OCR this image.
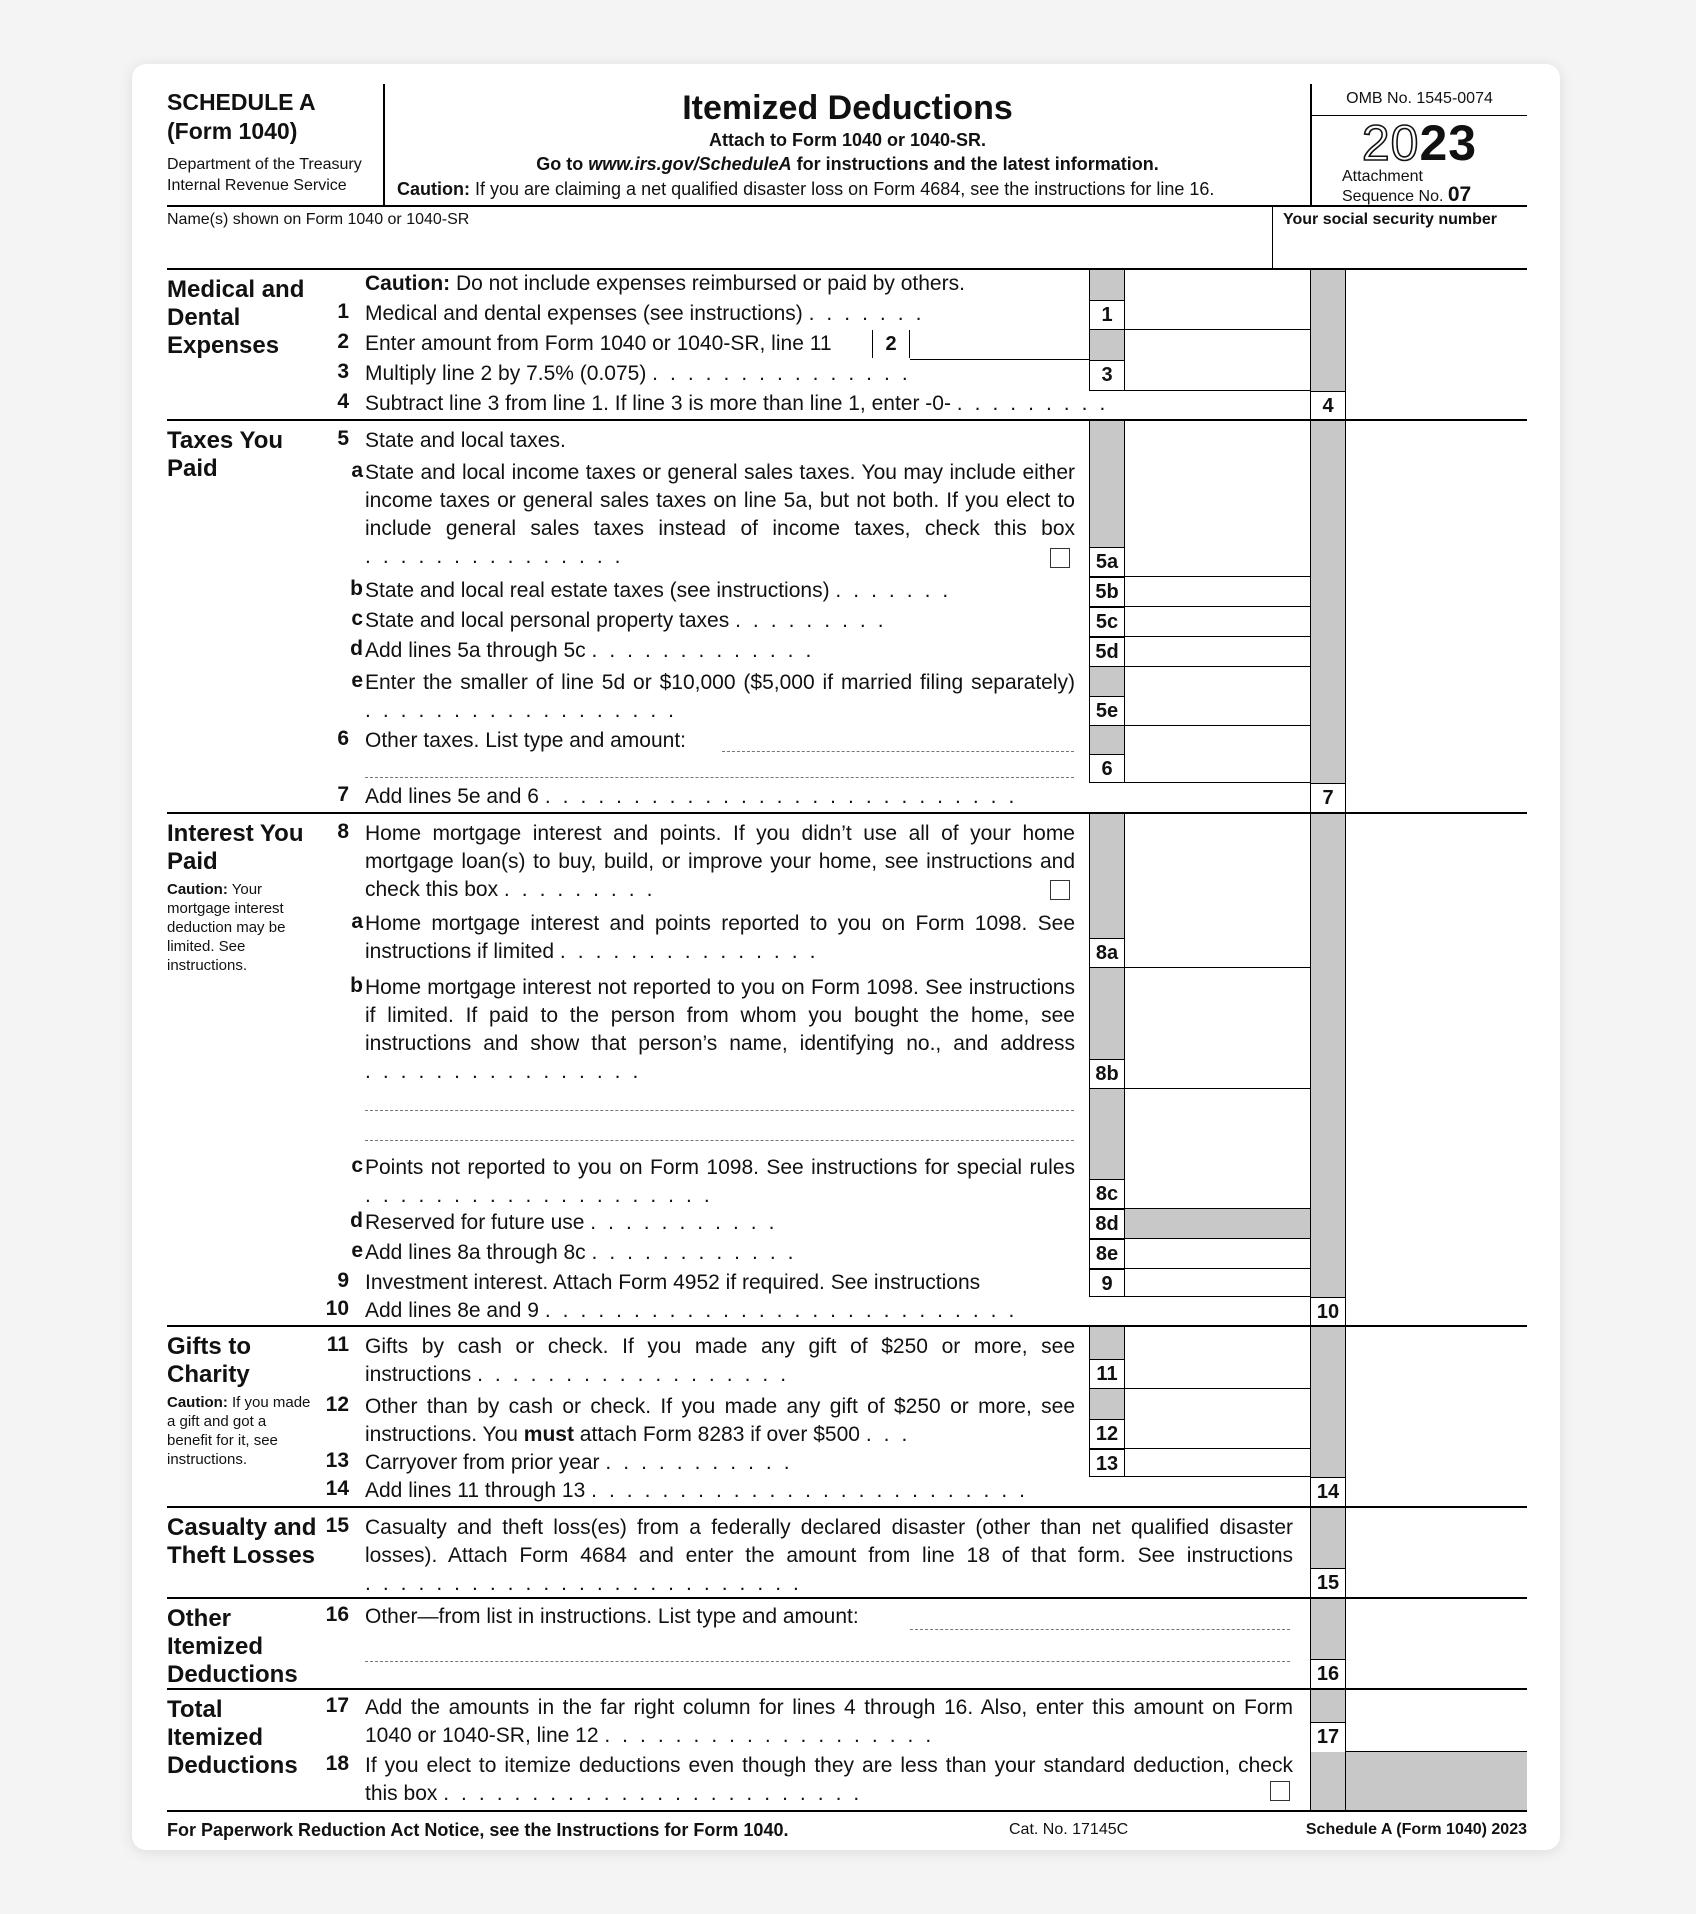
SCHEDULE A
(Form 1040)
Department of the Treasury
Internal Revenue Service
Itemized Deductions
Attach to Form 1040 or 1040-SR.
Go to www.irs.gov/ScheduleA for instructions and the latest information.
Caution: If you are claiming a net qualified disaster loss on Form 4684, see the instructions for line 16.
OMB No. 1545-0074
2023
Attachment
Sequence No. 07
Name(s) shown on Form 1040 or 1040-SR	Your social security number
Medical and Dental Expenses
Caution: Do not include expenses reimbursed or paid by others.
1 Medical and dental expenses (see instructions) .......	1
2 Enter amount from Form 1040 or 1040-SR, line 11	2
3 Multiply line 2 by 7.5% (0.075) ...............	3
4 Subtract line 3 from line 1. If line 3 is more than line 1, enter -0- .........	4
Taxes You Paid
5 State and local taxes.
a State and local income taxes or general sales taxes. You may include either income taxes or general sales taxes on line 5a, but not both. If you elect to include general sales taxes instead of income taxes, check this box ...............	5a
b State and local real estate taxes (see instructions) .......	5b
c State and local personal property taxes .........	5c
d Add lines 5a through 5c .............	5d
e Enter the smaller of line 5d or $10,000 ($5,000 if married filing separately) ..................	5e
6 Other taxes. List type and amount:
6
7 Add lines 5e and 6 ...........................	7
Interest You Paid
Caution: Your mortgage interest deduction may be limited. See instructions.
8 Home mortgage interest and points. If you didn’t use all of your home mortgage loan(s) to buy, build, or improve your home, see instructions and check this box .........
a Home mortgage interest and points reported to you on Form 1098. See instructions if limited ...............	8a
b Home mortgage interest not reported to you on Form 1098. See instructions if limited. If paid to the person from whom you bought the home, see instructions and show that person’s name, identifying no., and address ................	8b
c Points not reported to you on Form 1098. See instructions for special rules ....................	8c
d Reserved for future use ...........	8d
e Add lines 8a through 8c ............	8e
9 Investment interest. Attach Form 4952 if required. See instructions	9
10 Add lines 8e and 9 ...........................	10
Gifts to Charity
Caution: If you made a gift and got a benefit for it, see instructions.
11 Gifts by cash or check. If you made any gift of $250 or more, see instructions ..................	11
12 Other than by cash or check. If you made any gift of $250 or more, see instructions. You must attach Form 8283 if over $500 ...	12
13 Carryover from prior year ...........	13
14 Add lines 11 through 13 .........................	14
Casualty and Theft Losses
15 Casualty and theft loss(es) from a federally declared disaster (other than net qualified disaster losses). Attach Form 4684 and enter the amount from line 18 of that form. See instructions .........................	15
Other Itemized Deductions
16 Other—from list in instructions. List type and amount:
16
Total Itemized Deductions
17 Add the amounts in the far right column for lines 4 through 16. Also, enter this amount on Form 1040 or 1040-SR, line 12 ...................	17
18 If you elect to itemize deductions even though they are less than your standard deduction, check this box ........................
For Paperwork Reduction Act Notice, see the Instructions for Form 1040.	Cat. No. 17145C	Schedule A (Form 1040) 2023
